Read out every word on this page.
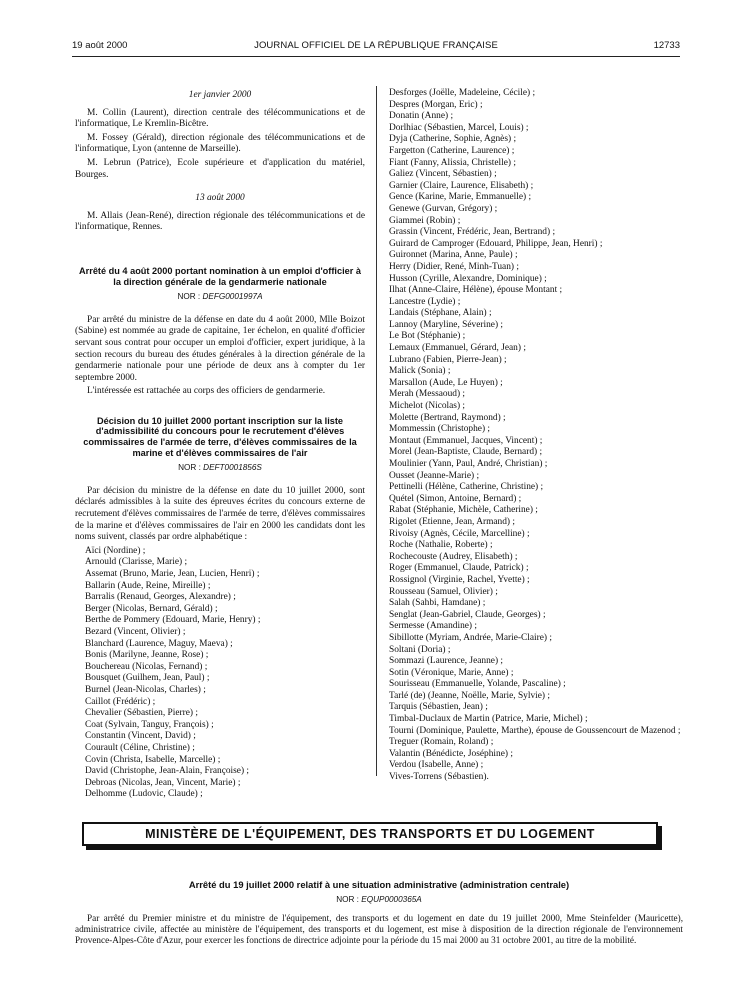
19 août 2000	JOURNAL OFFICIEL DE LA RÉPUBLIQUE FRANÇAISE	12733

1er janvier 2000

M. Collin (Laurent), direction centrale des télécommunications et de l'informatique, Le Kremlin-Bicêtre.

M. Fossey (Gérald), direction régionale des télécommunications et de l'informatique, Lyon (antenne de Marseille).

M. Lebrun (Patrice), Ecole supérieure et d'application du matériel, Bourges.

13 août 2000

M. Allais (Jean-René), direction régionale des télécommunications et de l'informatique, Rennes.

Arrêté du 4 août 2000 portant nomination à un emploi d'officier à la direction générale de la gendarmerie nationale

NOR : DEFG0001997A

Par arrêté du ministre de la défense en date du 4 août 2000, Mlle Boizot (Sabine) est nommée au grade de capitaine, 1er échelon, en qualité d'officier servant sous contrat pour occuper un emploi d'officier, expert juridique, à la section recours du bureau des études générales à la direction générale de la gendarmerie nationale pour une période de deux ans à compter du 1er septembre 2000.

L'intéressée est rattachée au corps des officiers de gendarmerie.

Décision du 10 juillet 2000 portant inscription sur la liste d'admissibilité du concours pour le recrutement d'élèves commissaires de l'armée de terre, d'élèves commissaires de la marine et d'élèves commissaires de l'air

NOR : DEFT0001856S

Par décision du ministre de la défense en date du 10 juillet 2000, sont déclarés admissibles à la suite des épreuves écrites du concours externe de recrutement d'élèves commissaires de l'armée de terre, d'élèves commissaires de la marine et d'élèves commissaires de l'air en 2000 les candidats dont les noms suivent, classés par ordre alphabétique :

Aïci (Nordine) ;
Arnould (Clarisse, Marie) ;
Assemat (Bruno, Marie, Jean, Lucien, Henri) ;
Ballarin (Aude, Reine, Mireille) ;
Barralis (Renaud, Georges, Alexandre) ;
Berger (Nicolas, Bernard, Gérald) ;
Berthe de Pommery (Edouard, Marie, Henry) ;
Bezard (Vincent, Olivier) ;
Blanchard (Laurence, Maguy, Maeva) ;
Bonis (Marilyne, Jeanne, Rose) ;
Bouchereau (Nicolas, Fernand) ;
Bousquet (Guilhem, Jean, Paul) ;
Burnel (Jean-Nicolas, Charles) ;
Caillot (Frédéric) ;
Chevalier (Sébastien, Pierre) ;
Coat (Sylvain, Tanguy, François) ;
Constantin (Vincent, David) ;
Courault (Céline, Christine) ;
Covin (Christa, Isabelle, Marcelle) ;
David (Christophe, Jean-Alain, Françoise) ;
Debroas (Nicolas, Jean, Vincent, Marie) ;
Delhomme (Ludovic, Claude) ;
Desforges (Joëlle, Madeleine, Cécile) ;
Despres (Morgan, Eric) ;
Donatin (Anne) ;
Dorlhiac (Sébastien, Marcel, Louis) ;
Dyja (Catherine, Sophie, Agnès) ;
Fargetton (Catherine, Laurence) ;
Fiant (Fanny, Alissia, Christelle) ;
Galiez (Vincent, Sébastien) ;
Garnier (Claire, Laurence, Elisabeth) ;
Gence (Karine, Marie, Emmanuelle) ;
Genewe (Gurvan, Grégory) ;
Giammei (Robin) ;
Grassin (Vincent, Frédéric, Jean, Bertrand) ;
Guirard de Camproger (Edouard, Philippe, Jean, Henri) ;
Guironnet (Marina, Anne, Paule) ;
Herry (Didier, René, Minh-Tuan) ;
Husson (Cyrille, Alexandre, Dominique) ;
Ilhat (Anne-Claire, Hélène), épouse Montant ;
Lancestre (Lydie) ;
Landais (Stéphane, Alain) ;
Lannoy (Maryline, Séverine) ;
Le Bot (Stéphanie) ;
Lemaux (Emmanuel, Gérard, Jean) ;
Lubrano (Fabien, Pierre-Jean) ;
Malick (Sonia) ;
Marsallon (Aude, Le Huyen) ;
Merah (Messaoud) ;
Michelot (Nicolas) ;
Molette (Bertrand, Raymond) ;
Mommessin (Christophe) ;
Montaut (Emmanuel, Jacques, Vincent) ;
Morel (Jean-Baptiste, Claude, Bernard) ;
Moulinier (Yann, Paul, André, Christian) ;
Ousset (Jeanne-Marie) ;
Pettinelli (Hélène, Catherine, Christine) ;
Quétel (Simon, Antoine, Bernard) ;
Rabat (Stéphanie, Michèle, Catherine) ;
Rigolet (Etienne, Jean, Armand) ;
Rivoisy (Agnès, Cécile, Marcelline) ;
Roche (Nathalie, Roberte) ;
Rochecouste (Audrey, Elisabeth) ;
Roger (Emmanuel, Claude, Patrick) ;
Rossignol (Virginie, Rachel, Yvette) ;
Rousseau (Samuel, Olivier) ;
Salah (Sahbi, Hamdane) ;
Senglat (Jean-Gabriel, Claude, Georges) ;
Sermesse (Amandine) ;
Sibillotte (Myriam, Andrée, Marie-Claire) ;
Soltani (Doria) ;
Sommazi (Laurence, Jeanne) ;
Sotin (Véronique, Marie, Anne) ;
Sourisseau (Emmanuelle, Yolande, Pascaline) ;
Tarlé (de) (Jeanne, Noëlle, Marie, Sylvie) ;
Tarquis (Sébastien, Jean) ;
Timbal-Duclaux de Martin (Patrice, Marie, Michel) ;
Tourni (Dominique, Paulette, Marthe), épouse de Goussencourt de Mazenod ;
Treguer (Romain, Roland) ;
Valantin (Bénédicte, Joséphine) ;
Verdou (Isabelle, Anne) ;
Vives-Torrens (Sébastien).
MINISTÈRE DE L'ÉQUIPEMENT, DES TRANSPORTS ET DU LOGEMENT

Arrêté du 19 juillet 2000 relatif à une situation administrative (administration centrale)

NOR : EQUP0000365A

Par arrêté du Premier ministre et du ministre de l'équipement, des transports et du logement en date du 19 juillet 2000, Mme Steinfelder (Mauricette), administratrice civile, affectée au ministère de l'équipement, des transports et du logement, est mise à disposition de la direction régionale de l'environnement Provence-Alpes-Côte d'Azur, pour exercer les fonctions de directrice adjointe pour la période du 15 mai 2000 au 31 octobre 2001, au titre de la mobilité.
